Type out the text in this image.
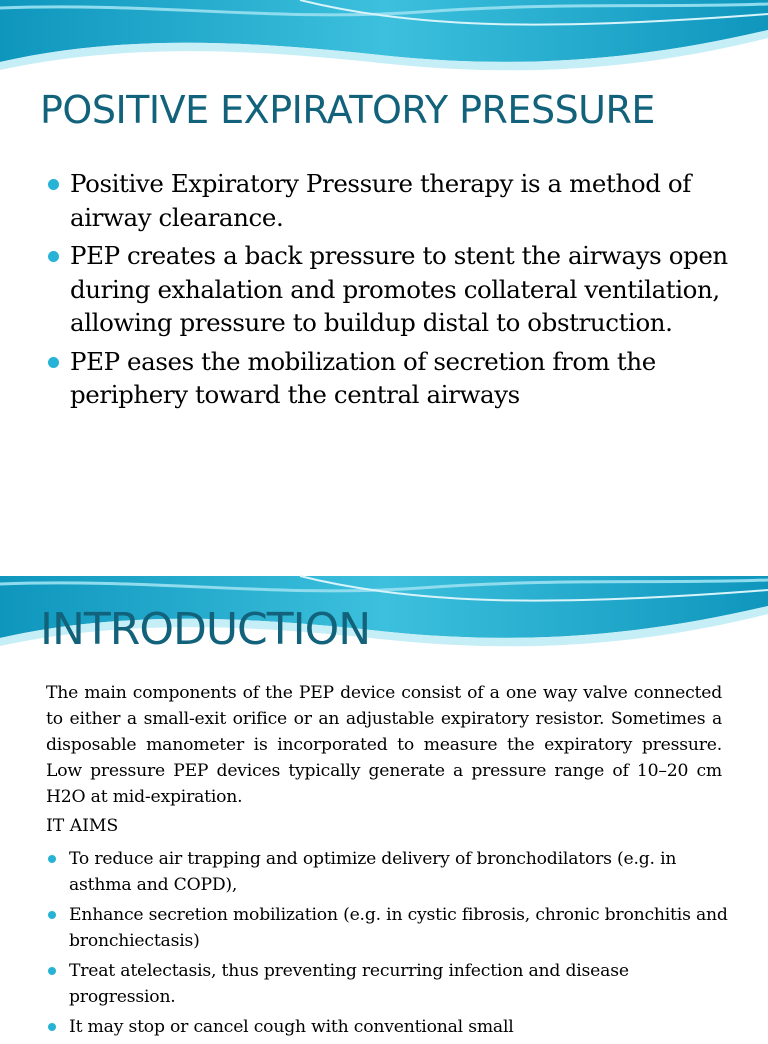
POSITIVE EXPIRATORY PRESSURE
Positive Expiratory Pressure therapy is a method of airway clearance.
PEP creates a back pressure to stent the airways open during exhalation and promotes collateral ventilation, allowing pressure to buildup distal to obstruction.
PEP eases the mobilization of secretion from the periphery toward the central airways
INTRODUCTION

The main components of the PEP device consist of a one way valve connected to either a small-exit orifice or an adjustable expiratory resistor. Sometimes a disposable manometer is incorporated to measure the expiratory pressure. Low pressure PEP devices typically generate a pressure range of 10–20 cm H2O at mid-expiration.

IT AIMS

To reduce air trapping and optimize delivery of bronchodilators (e.g. in asthma and COPD),
Enhance secretion mobilization (e.g. in cystic fibrosis, chronic bronchitis and bronchiectasis)
Treat atelectasis, thus preventing recurring infection and disease progression.
It may stop or cancel cough with conventional small
